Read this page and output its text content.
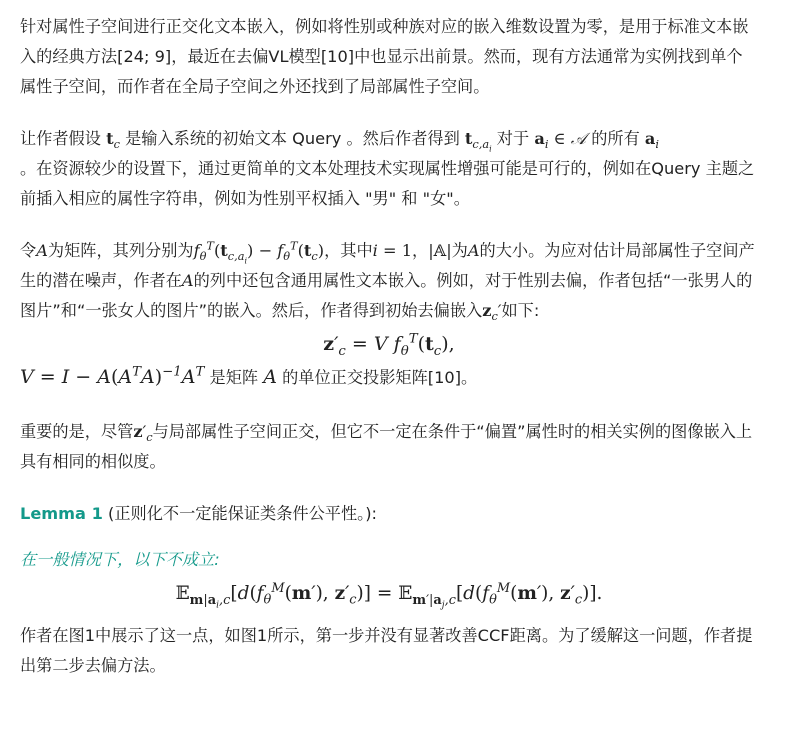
针对属性子空间进行正交化文本嵌入，例如将性别或种族对应的嵌入维数设置为零，是用于标准文本嵌入的经典方法[24; 9]，最近在去偏VL模型[10]中也显示出前景。然而，现有方法通常为实例找到单个属性子空间，而作者在全局子空间之外还找到了局部属性子空间。

让作者假设 $t_c$ 是输入系统的初始文本 Query 。然后作者得到 $t_{c,a_i}$ 对于 $a_i$ ∈ 𝒜 的所有 $a_i$
。在资源较少的设置下，通过更简单的文本处理技术实现属性增强可能是可行的，例如在Query 主题之前插入相应的属性字符串，例如为性别平权插入 "男" 和 "女"。

令A为矩阵，其列分别为$f_\theta^T(t_{c,a_i}) - f_\theta^T(t_c)$，其中i = 1，|𝔸|为A的大小。为应对估计局部属性子空间产生的潜在噪声，作者在A的列中还包含通用属性文本嵌入。例如，对于性别去偏，作者包括“一张男人的图片”和“一张女人的图片”的嵌入。然后，作者得到初始去偏嵌入$z_c'$如下:

$z'_c = V$ $f_\theta^T(t_c)$,

$V = I - A(A^TA)^{-1}A^T$ 是矩阵 A 的单位正交投影矩阵[10]。

重要的是，尽管$z'_c$与局部属性子空间正交，但它不一定在条件于“偏置”属性时的相关实例的图像嵌入上具有相同的相似度。

Lemma 1 (正则化不一定能保证类条件公平性。):

在一般情况下，以下不成立:

$𝔼_{m|a_i,c}[d(f_\theta^M(m')$, $z'_c$)] = $𝔼_{m'|a_j,c}[d(f_\theta^M(m')$, $z'_c$)].

作者在图1中展示了这一点，如图1所示，第一步并没有显著改善CCF距离。为了缓解这一问题，作者提出第二步去偏方法。
